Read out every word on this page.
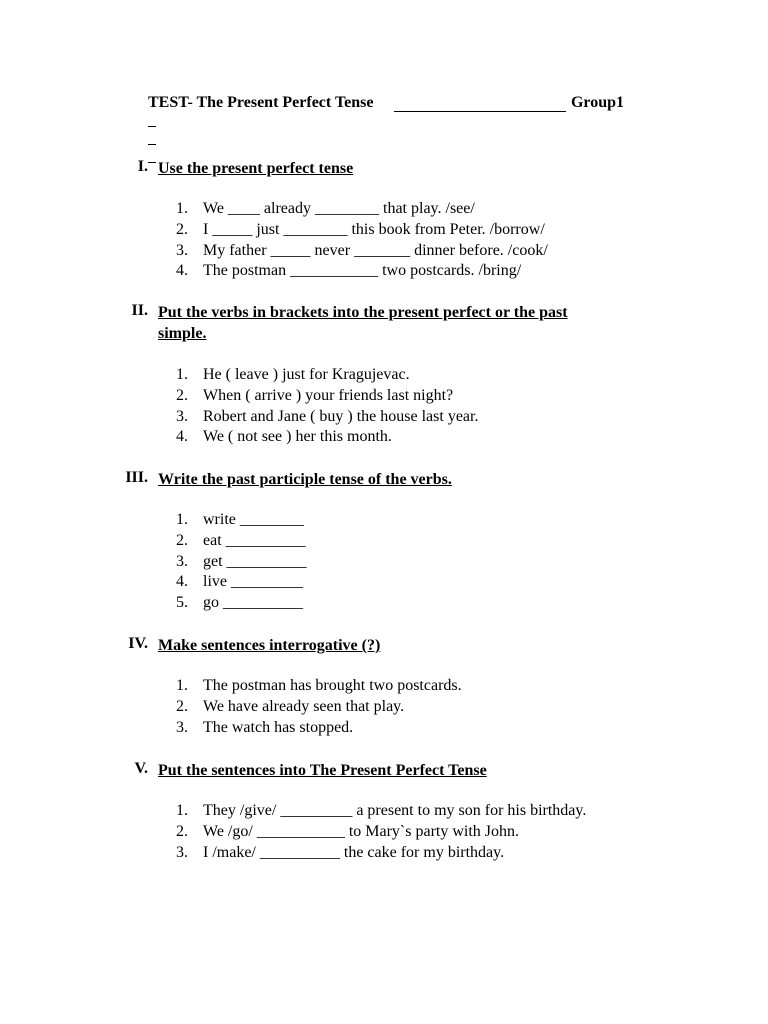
TEST- The Present Perfect Tense

	Group1

I. Use the present perfect tense
1. We ____ already ________ that play. /see/
2. I _____ just ________ this book from Peter. /borrow/
3. My father _____ never _______ dinner before. /cook/
4. The postman ___________ two postcards. /bring/
II. Put the verbs in brackets into the present perfect or the past simple.
1. He ( leave ) just for Kragujevac.
2. When ( arrive ) your friends last night?
3. Robert and Jane ( buy ) the house last year.
4. We ( not see ) her this month.
III. Write the past participle tense of the verbs.
1. write ________
2. eat __________
3. get __________
4. live _________
5. go __________
IV. Make sentences interrogative (?)
1. The postman has brought two postcards.
2. We have already seen that play.
3. The watch has stopped.
V. Put the sentences into The Present Perfect Tense
1. They /give/ _________ a present to my son for his birthday.
2. We /go/ ___________ to Mary`s party with John.
3. I /make/ __________ the cake for my birthday.
